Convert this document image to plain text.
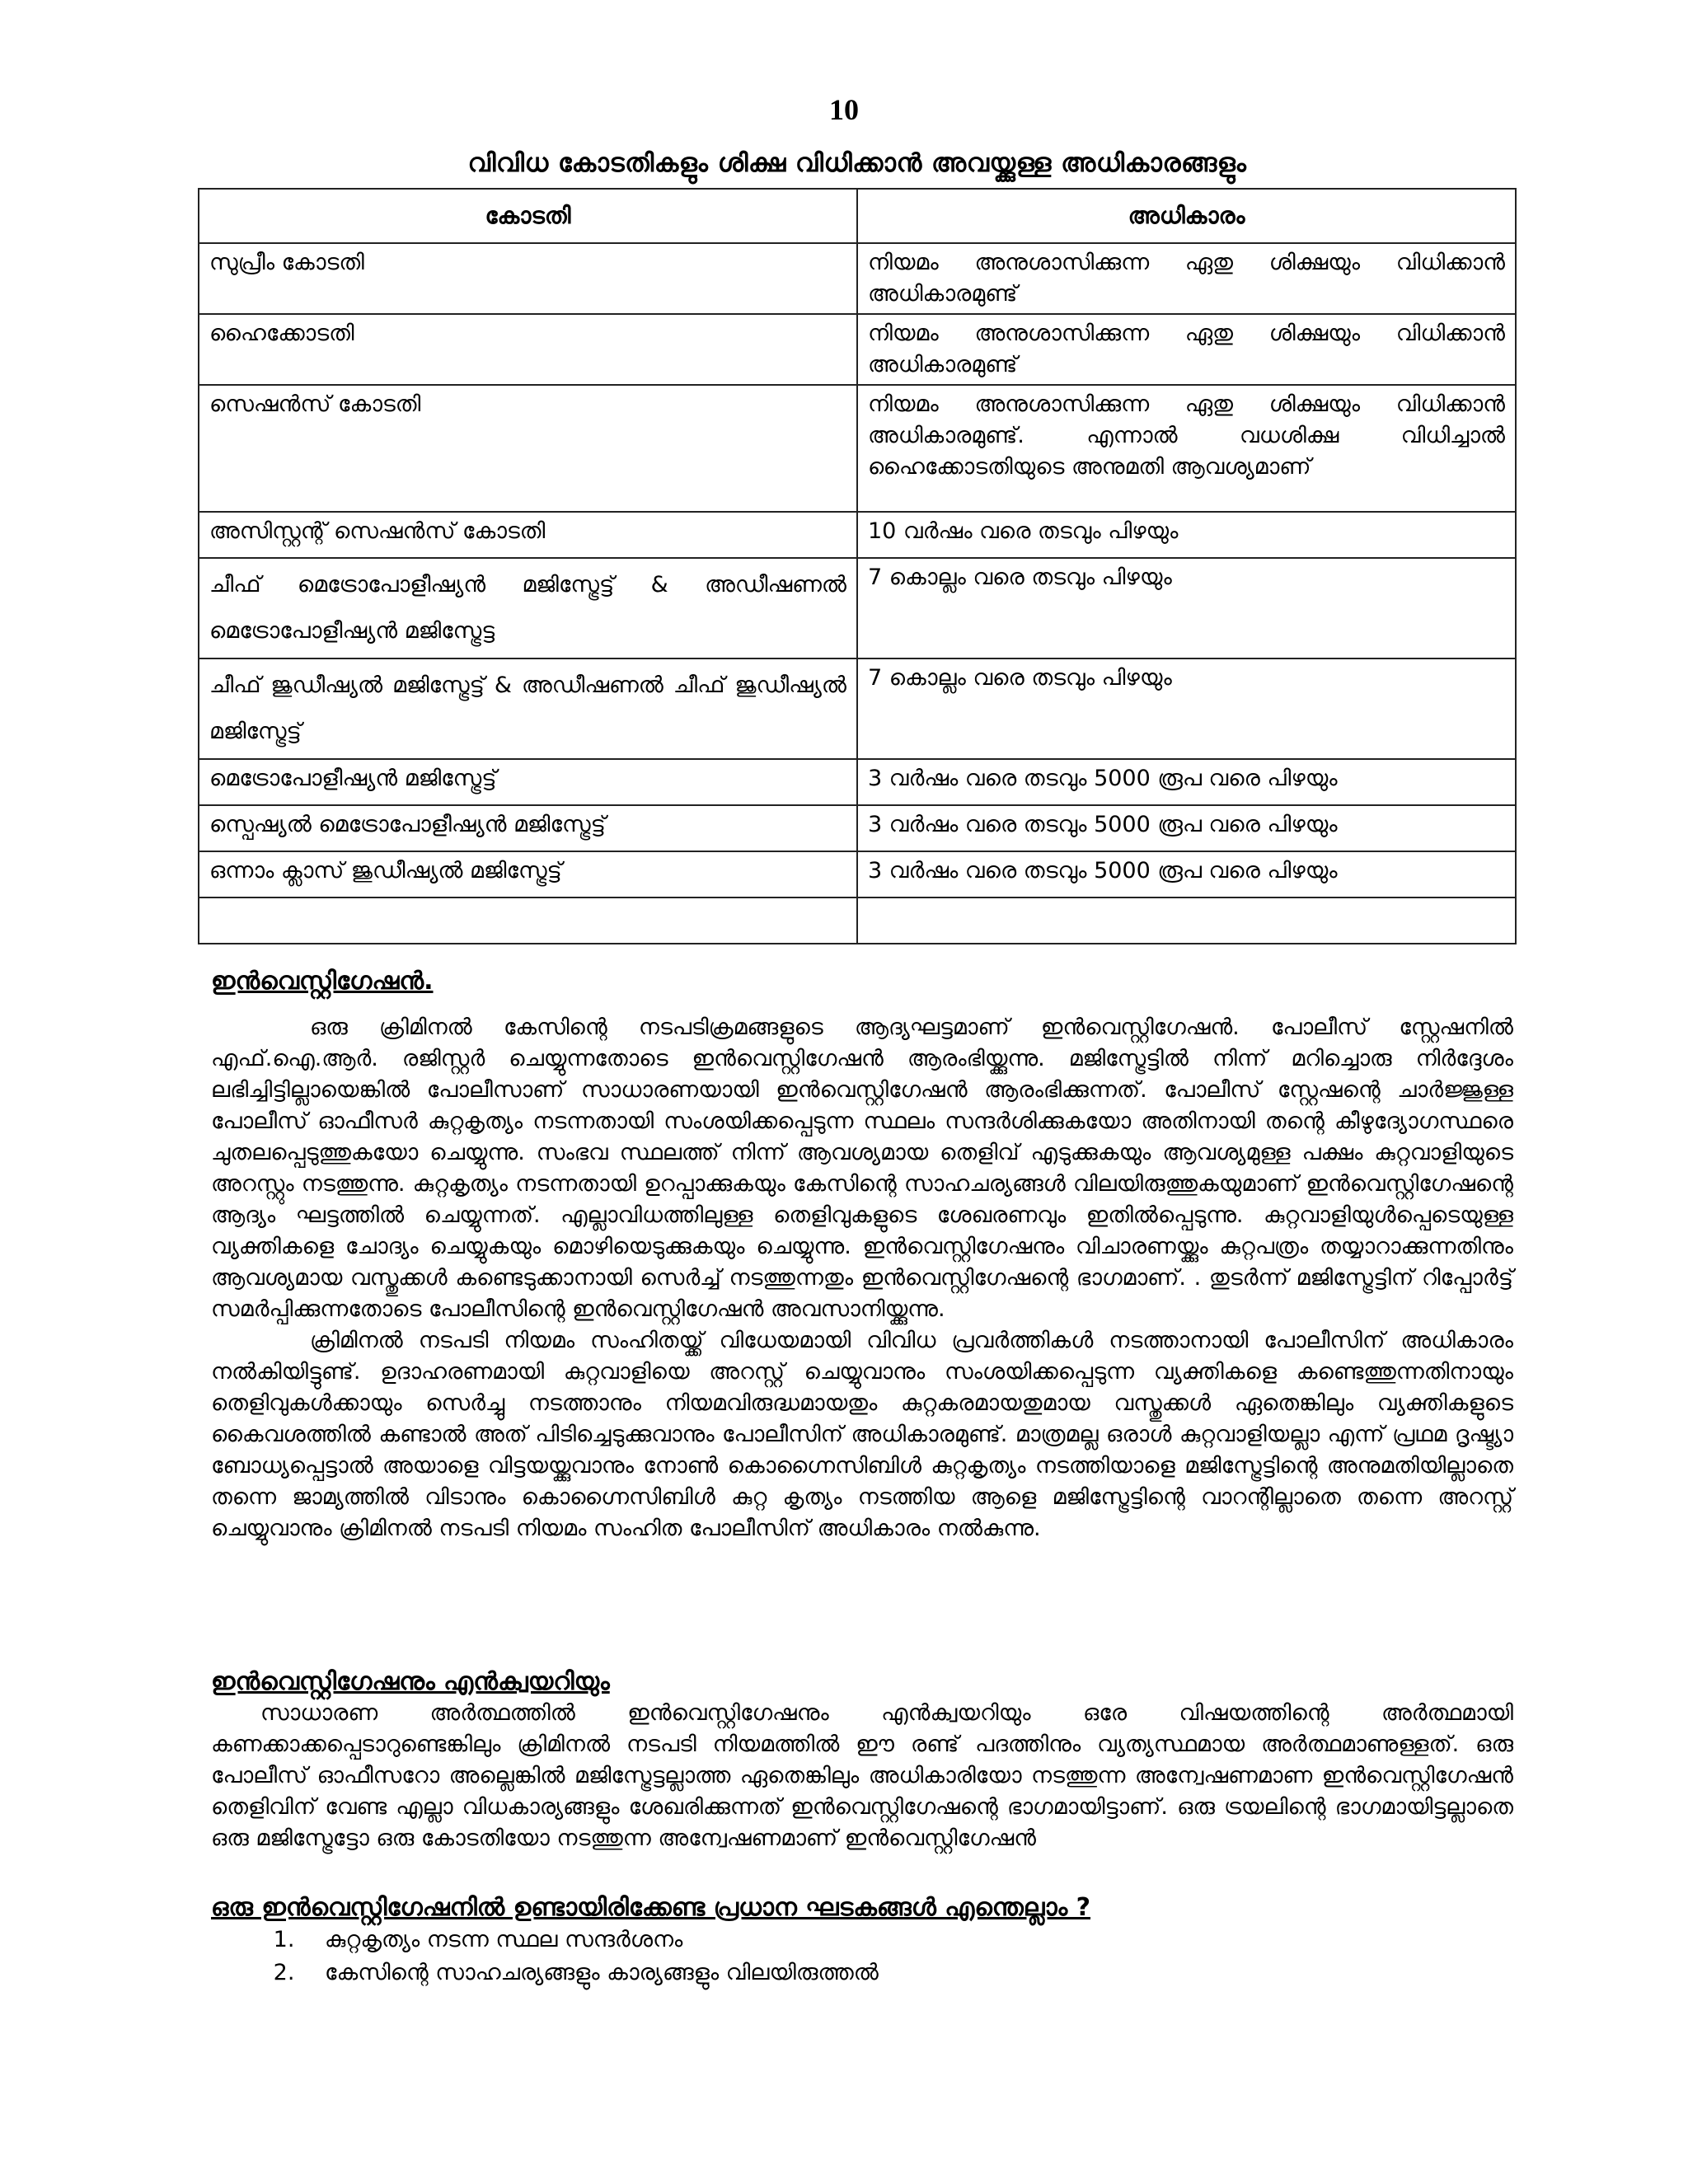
10
വിവിധ കോടതികളും ശിക്ഷ വിധിക്കാൻ അവയ്ക്കുള്ള അധികാരങ്ങളും
കോടതി	അധികാരം
സുപ്രീം കോടതി	നിയമം അനുശാസിക്കുന്ന ഏതു ശിക്ഷയും വിധിക്കാൻ അധികാരമുണ്ട്
ഹൈക്കോടതി	നിയമം അനുശാസിക്കുന്ന ഏതു ശിക്ഷയും വിധിക്കാൻ അധികാരമുണ്ട്
സെഷൻസ് കോടതി	നിയമം അനുശാസിക്കുന്ന ഏതു ശിക്ഷയും വിധിക്കാൻ അധികാരമുണ്ട്. എന്നാൽ വധശിക്ഷ വിധിച്ചാൽ ഹൈക്കോടതിയുടെ അനുമതി ആവശ്യമാണ്
അസിസ്റ്റന്റ് സെഷൻസ് കോടതി	10 വർഷം വരെ തടവും പിഴയും
ചീഫ് മെട്രോപോളീഷ്യൻ മജിസ്ട്രേട്ട് & അഡീഷണൽ മെട്രോപോളീഷ്യൻ മജിസ്ട്രേട്ട	7 കൊല്ലം വരെ തടവും പിഴയും
ചീഫ് ജുഡീഷ്യൽ മജിസ്ട്രേട്ട് & അഡീഷണൽ ചീഫ് ജുഡീഷ്യൽ മജിസ്ട്രേട്ട്	7 കൊല്ലം വരെ തടവും പിഴയും
മെട്രോപോളീഷ്യൻ മജിസ്ട്രേട്ട്	3 വർഷം വരെ തടവും 5000 രൂപ വരെ പിഴയും
സ്പെഷ്യൽ മെട്രോപോളീഷ്യൻ മജിസ്ട്രേട്ട്	3 വർഷം വരെ തടവും 5000 രൂപ വരെ പിഴയും
ഒന്നാം ക്ലാസ് ജുഡീഷ്യൽ മജിസ്ട്രേട്ട്	3 വർഷം വരെ തടവും 5000 രൂപ വരെ പിഴയും

ഇൻവെസ്റ്റിഗേഷൻ.

ഒരു ക്രിമിനൽ കേസിന്റെ നടപടിക്രമങ്ങളുടെ ആദ്യഘട്ടമാണ് ഇൻവെസ്റ്റിഗേഷൻ. പോലീസ് സ്റ്റേഷനിൽ എഫ്.ഐ.ആർ. രജിസ്റ്റർ ചെയ്യുന്നതോടെ ഇൻവെസ്റ്റിഗേഷൻ ആരംഭിയ്ക്കുന്നു. മജിസ്ട്രേട്ടിൽ നിന്ന് മറിച്ചൊരു നിർദ്ദേശം ലഭിച്ചിട്ടില്ലായെങ്കിൽ പോലീസാണ് സാധാരണയായി ഇൻവെസ്റ്റിഗേഷൻ ആരംഭിക്കുന്നത്. പോലീസ് സ്റ്റേഷന്റെ ചാർജ്ജുള്ള പോലീസ് ഓഫീസർ കുറ്റകൃത്യം നടന്നതായി സംശയിക്കപ്പെടുന്ന സ്ഥലം സന്ദർശിക്കുകയോ അതിനായി തന്റെ കീഴുദ്യോഗസ്ഥരെ ചുതലപ്പെടുത്തുകയോ ചെയ്യുന്നു. സംഭവ സ്ഥലത്ത് നിന്ന് ആവശ്യമായ തെളിവ് എടുക്കുകയും ആവശ്യമുള്ള പക്ഷം കുറ്റവാളിയുടെ അറസ്റ്റും നടത്തുന്നു. കുറ്റകൃത്യം നടന്നതായി ഉറപ്പാക്കുകയും കേസിന്റെ സാഹചര്യങ്ങൾ വിലയിരുത്തുകയുമാണ് ഇൻവെസ്റ്റിഗേഷന്റെ ആദ്യം ഘട്ടത്തിൽ ചെയ്യുന്നത്. എല്ലാവിധത്തിലുള്ള തെളിവുകളുടെ ശേഖരണവും ഇതിൽപ്പെടുന്നു. കുറ്റവാളിയുൾപ്പെടെയുള്ള വ്യക്തികളെ ചോദ്യം ചെയ്യുകയും മൊഴിയെടുക്കുകയും ചെയ്യുന്നു. ഇൻവെസ്റ്റിഗേഷനും വിചാരണയ്ക്കും കുറ്റപത്രം തയ്യാറാക്കുന്നതിനും ആവശ്യമായ വസ്തുക്കൾ കണ്ടെടുക്കാനായി സെർച്ച് നടത്തുന്നതും ഇൻവെസ്റ്റിഗേഷന്റെ ഭാഗമാണ്. . തുടർന്ന് മജിസ്ട്രേട്ടിന് റിപ്പോർട്ട് സമർപ്പിക്കുന്നതോടെ പോലീസിന്റെ ഇൻവെസ്റ്റിഗേഷൻ അവസാനിയ്ക്കുന്നു.

ക്രിമിനൽ നടപടി നിയമം സംഹിതയ്ക്ക് വിധേയമായി വിവിധ പ്രവർത്തികൾ നടത്താനായി പോലീസിന് അധികാരം നൽകിയിട്ടുണ്ട്. ഉദാഹരണമായി കുറ്റവാളിയെ അറസ്റ്റ് ചെയ്യുവാനും സംശയിക്കപ്പെടുന്ന വ്യക്തികളെ കണ്ടെത്തുന്നതിനായും തെളിവുകൾക്കായും സെർച്ചു നടത്താനും നിയമവിരുദ്ധമായതും കുറ്റകരമായതുമായ വസ്തുക്കൾ ഏതെങ്കിലും വ്യക്തികളുടെ കൈവശത്തിൽ കണ്ടാൽ അത് പിടിച്ചെടുക്കുവാനും പോലീസിന് അധികാരമുണ്ട്. മാത്രമല്ല ഒരാൾ കുറ്റവാളിയല്ലാ എന്ന് പ്രഥമ ദൃഷ്ട്യാ ബോധ്യപ്പെട്ടാൽ അയാളെ വിട്ടയയ്ക്കുവാനും നോൺ കൊഗ്നൈസിബിൾ കുറ്റകൃത്യം നടത്തിയാളെ മജിസ്ട്രേട്ടിന്റെ അനുമതിയില്ലാതെ തന്നെ ജാമ്യത്തിൽ വിടാനും കൊഗ്നൈസിബിൾ കുറ്റ കൃത്യം നടത്തിയ ആളെ മജിസ്ട്രേട്ടിന്റെ വാറന്റില്ലാതെ തന്നെ അറസ്റ്റ് ചെയ്യുവാനും ക്രിമിനൽ നടപടി നിയമം സംഹിത പോലീസിന് അധികാരം നൽകുന്നു.

ഇൻവെസ്റ്റിഗേഷനും എൻക്വയറിയും

സാധാരണ അർത്ഥത്തിൽ ഇൻവെസ്റ്റിഗേഷനും എൻക്വയറിയും ഒരേ വിഷയത്തിന്റെ അർത്ഥമായി കണക്കാക്കപ്പെടാറുണ്ടെങ്കിലും ക്രിമിനൽ നടപടി നിയമത്തിൽ ഈ രണ്ട് പദത്തിനും വ്യത്യസ്ഥമായ അർത്ഥമാണുള്ളത്. ഒരു പോലീസ് ഓഫീസറോ അല്ലെങ്കിൽ മജിസ്ട്രേട്ടല്ലാത്ത ഏതെങ്കിലും അധികാരിയോ നടത്തുന്ന അന്വേഷണമാണ ഇൻവെസ്റ്റിഗേഷൻ തെളിവിന് വേണ്ട എല്ലാ വിധകാര്യങ്ങളും ശേഖരിക്കുന്നത് ഇൻവെസ്റ്റിഗേഷന്റെ ഭാഗമായിട്ടാണ്. ഒരു ട്രയലിന്റെ ഭാഗമായിട്ടല്ലാതെ ഒരു മജിസ്ട്രേട്ടോ ഒരു കോടതിയോ നടത്തുന്ന അന്വേഷണമാണ് ഇൻവെസ്റ്റിഗേഷൻ

ഒരു ഇൻവെസ്റ്റിഗേഷനിൽ ഉണ്ടായിരിക്കേണ്ട പ്രധാന ഘടകങ്ങൾ എന്തെല്ലാം ?
1. കുറ്റകൃത്യം നടന്ന സ്ഥല സന്ദർശനം
2. കേസിന്റെ സാഹചര്യങ്ങളും കാര്യങ്ങളും വിലയിരുത്തൽ
